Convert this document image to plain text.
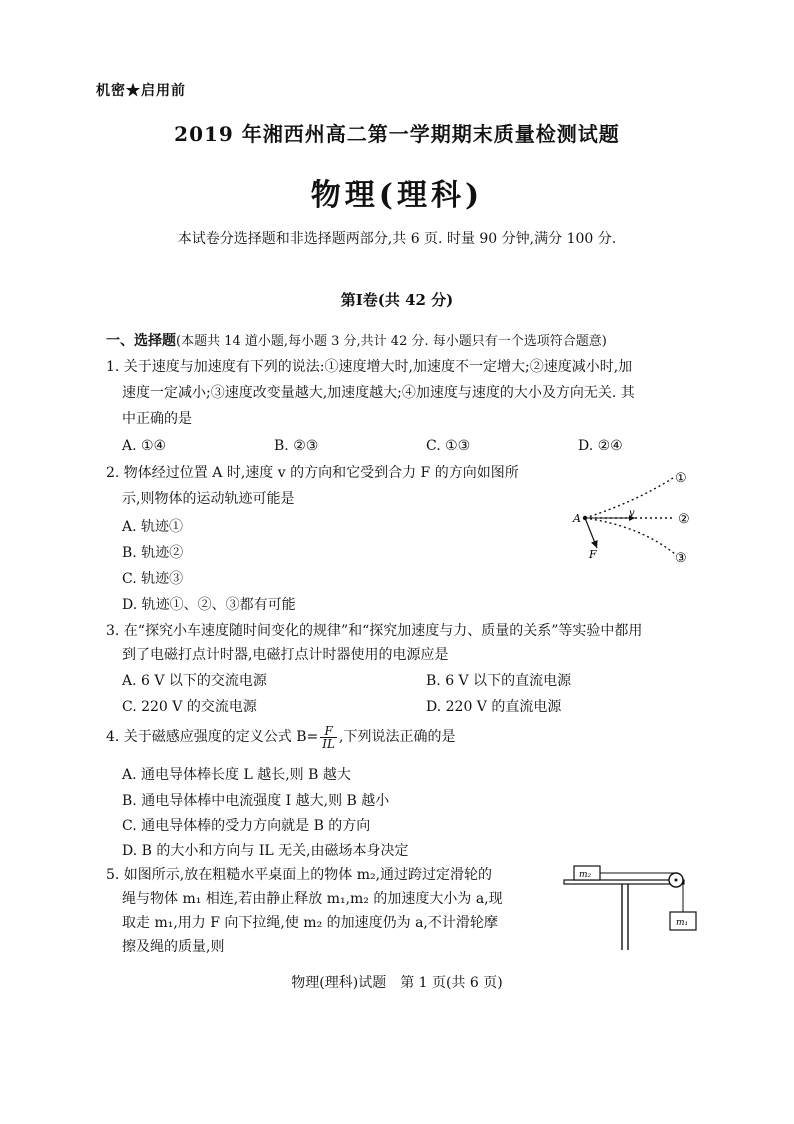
机密★启用前
2019 年湘西州高二第一学期期末质量检测试题
物理(理科)
本试卷分选择题和非选择题两部分,共 6 页. 时量 90 分钟,满分 100 分.
第Ⅰ卷(共 42 分)
一、选择题(本题共 14 道小题,每小题 3 分,共计 42 分. 每小题只有一个选项符合题意)
1. 关于速度与加速度有下列的说法:①速度增大时,加速度不一定增大;②速度减小时,加
速度一定减小;③速度改变量越大,加速度越大;④加速度与速度的大小及方向无关. 其
中正确的是
A. ①④	B. ②③	C. ①③	D. ②④
2. 物体经过位置 A 时,速度 v 的方向和它受到合力 F 的方向如图所
示,则物体的运动轨迹可能是
A. 轨迹①
B. 轨迹②
C. 轨迹③
D. 轨迹①、②、③都有可能
A	v
F
①
②
③
3. 在“探究小车速度随时间变化的规律”和“探究加速度与力、质量的关系”等实验中都用
到了电磁打点计时器,电磁打点计时器使用的电源应是
A. 6 V 以下的交流电源	B. 6 V 以下的直流电源
C. 220 V 的交流电源	D. 220 V 的直流电源
4. 关于磁感应强度的定义公式 $B= \frac{F}{IL}$ ,下列说法正确的是
A. 通电导体棒长度 L 越长,则 B 越大
B. 通电导体棒中电流强度 I 越大,则 B 越小
C. 通电导体棒的受力方向就是 B 的方向
D. B 的大小和方向与 IL 无关,由磁场本身决定
5. 如图所示,放在粗糙水平桌面上的物体 m₂,通过跨过定滑轮的
绳与物体 m₁ 相连,若由静止释放 m₁,m₂ 的加速度大小为 a,现
取走 m₁,用力 F 向下拉绳,使 m₂ 的加速度仍为 a,不计滑轮摩
擦及绳的质量,则
m₂
m₁
物理(理科)试题　第 1 页(共 6 页)
